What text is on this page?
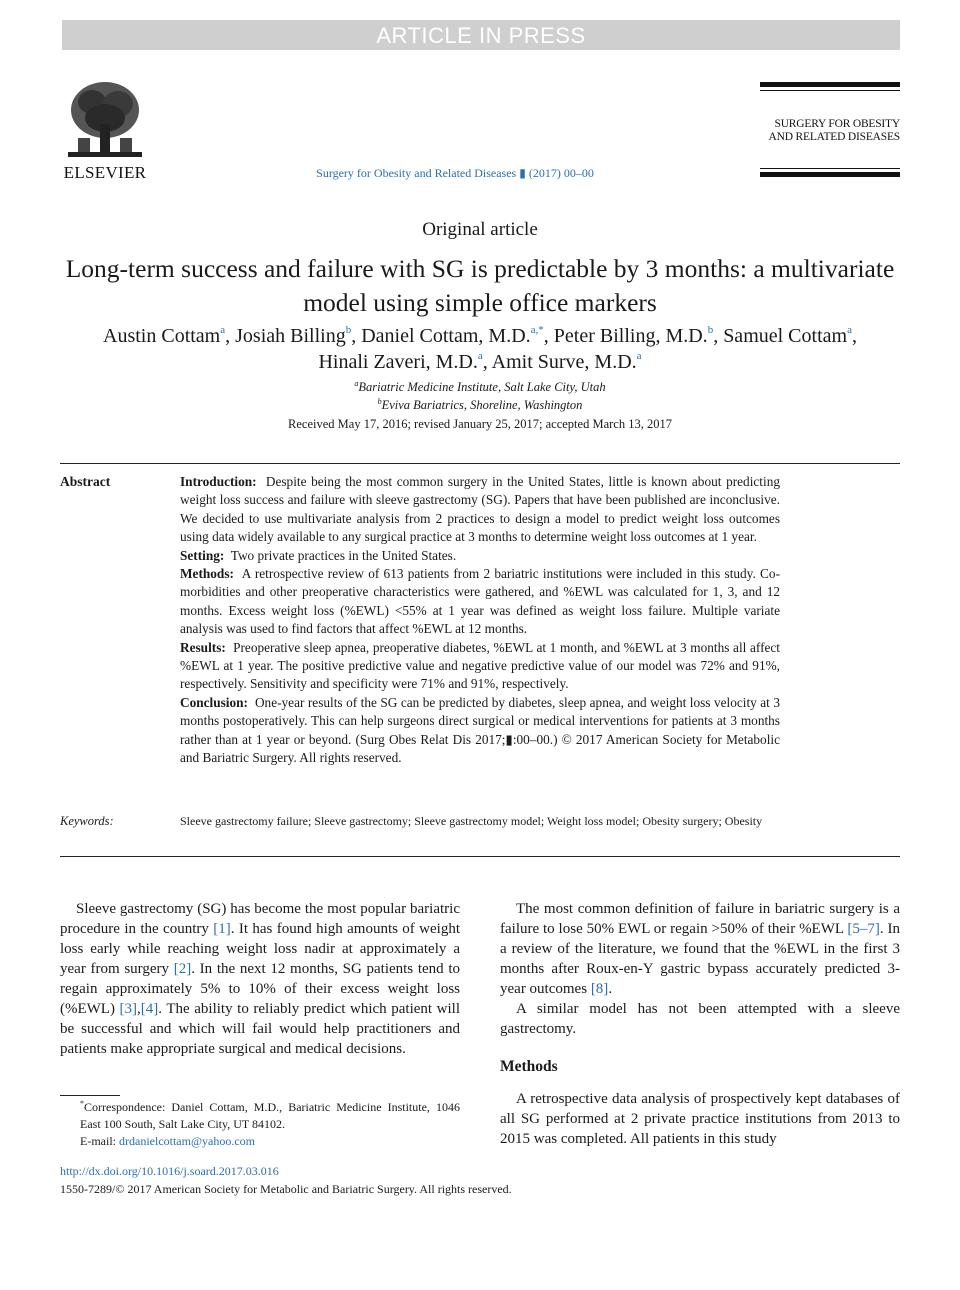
ARTICLE IN PRESS
ELSEVIER	Surgery for Obesity and Related Diseases ▮ (2017) 00–00
SURGERY FOR OBESITY
AND RELATED DISEASES
Original article
Long-term success and failure with SG is predictable by 3 months: a multivariate model using simple office markers
Austin Cottam$^a$, Josiah Billing$^b$, Daniel Cottam, M.D.$^{a,*}$, Peter Billing, M.D.$^b$, Samuel Cottam$^a$,
Hinali Zaveri, M.D.$^a$, Amit Surve, M.D.$^a$
$^a$Bariatric Medicine Institute, Salt Lake City, Utah
$^b$Eviva Bariatrics, Shoreline, Washington
Received May 17, 2016; revised January 25, 2017; accepted March 13, 2017
Abstract	Introduction: Despite being the most common surgery in the United States, little is known about predicting weight loss success and failure with sleeve gastrectomy (SG). Papers that have been published are inconclusive. We decided to use multivariate analysis from 2 practices to design a model to predict weight loss outcomes using data widely available to any surgical practice at 3 months to determine weight loss outcomes at 1 year.
Setting: Two private practices in the United States.
Methods: A retrospective review of 613 patients from 2 bariatric institutions were included in this study. Co-morbidities and other preoperative characteristics were gathered, and %EWL was calculated for 1, 3, and 12 months. Excess weight loss (%EWL) <55% at 1 year was defined as weight loss failure. Multiple variate analysis was used to find factors that affect %EWL at 12 months.
Results: Preoperative sleep apnea, preoperative diabetes, %EWL at 1 month, and %EWL at 3 months all affect %EWL at 1 year. The positive predictive value and negative predictive value of our model was 72% and 91%, respectively. Sensitivity and specificity were 71% and 91%, respectively.
Conclusion: One-year results of the SG can be predicted by diabetes, sleep apnea, and weight loss velocity at 3 months postoperatively. This can help surgeons direct surgical or medical interventions for patients at 3 months rather than at 1 year or beyond. (Surg Obes Relat Dis 2017;▮:00–00.) © 2017 American Society for Metabolic and Bariatric Surgery. All rights reserved.
Keywords:	Sleeve gastrectomy failure; Sleeve gastrectomy; Sleeve gastrectomy model; Weight loss model; Obesity surgery; Obesity

Sleeve gastrectomy (SG) has become the most popular bariatric procedure in the country [1]. It has found high amounts of weight loss early while reaching weight loss nadir at approximately a year from surgery [2]. In the next 12 months, SG patients tend to regain approximately 5% to 10% of their excess weight loss (%EWL) [3],[4]. The ability to reliably predict which patient will be successful and which will fail would help practitioners and patients make appropriate surgical and medical decisions.

The most common definition of failure in bariatric surgery is a failure to lose 50% EWL or regain >50% of their %EWL [5–7]. In a review of the literature, we found that the %EWL in the first 3 months after Roux-en-Y gastric bypass accurately predicted 3-year outcomes [8].

A similar model has not been attempted with a sleeve gastrectomy.

Methods

A retrospective data analysis of prospectively kept databases of all SG performed at 2 private practice institutions from 2013 to 2015 was completed. All patients in this study

*Correspondence: Daniel Cottam, M.D., Bariatric Medicine Institute, 1046 East 100 South, Salt Lake City, UT 84102.
E-mail: drdanielcottam@yahoo.com
http://dx.doi.org/10.1016/j.soard.2017.03.016
1550-7289/© 2017 American Society for Metabolic and Bariatric Surgery. All rights reserved.
